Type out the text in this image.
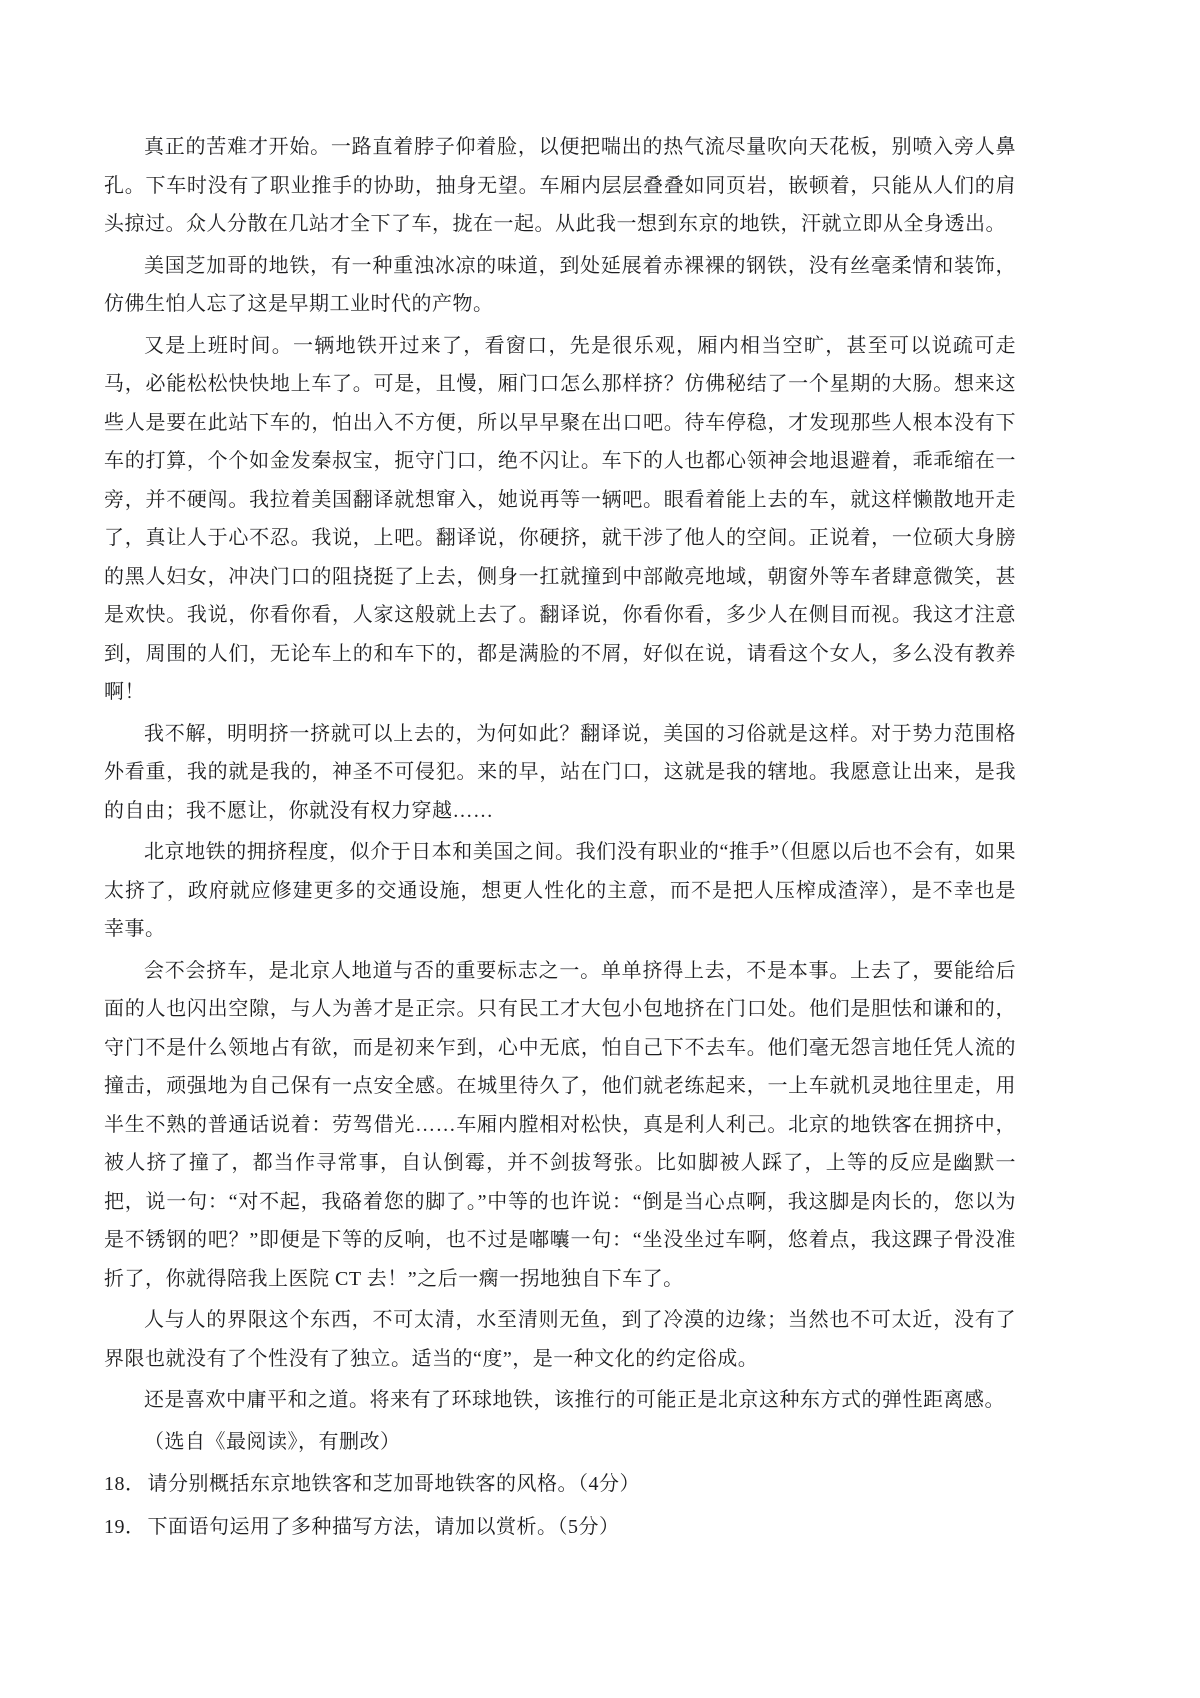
真正的苦难才开始。一路直着脖子仰着脸，以便把喘出的热气流尽量吹向天花板，别喷入旁人鼻孔。下车时没有了职业推手的协助，抽身无望。车厢内层层叠叠如同页岩，嵌顿着，只能从人们的肩头掠过。众人分散在几站才全下了车，拢在一起。从此我一想到东京的地铁，汗就立即从全身透出。

美国芝加哥的地铁，有一种重浊冰凉的味道，到处延展着赤裸裸的钢铁，没有丝毫柔情和装饰，仿佛生怕人忘了这是早期工业时代的产物。

又是上班时间。一辆地铁开过来了，看窗口，先是很乐观，厢内相当空旷，甚至可以说疏可走马，必能松松快快地上车了。可是，且慢，厢门口怎么那样挤？仿佛秘结了一个星期的大肠。想来这些人是要在此站下车的，怕出入不方便，所以早早聚在出口吧。待车停稳，才发现那些人根本没有下车的打算，个个如金发秦叔宝，扼守门口，绝不闪让。车下的人也都心领神会地退避着，乖乖缩在一旁，并不硬闯。我拉着美国翻译就想窜入，她说再等一辆吧。眼看着能上去的车，就这样懒散地开走了，真让人于心不忍。我说，上吧。翻译说，你硬挤，就干涉了他人的空间。正说着，一位硕大身膀的黑人妇女，冲决门口的阻挠挺了上去，侧身一扛就撞到中部敞亮地域，朝窗外等车者肆意微笑，甚是欢快。我说，你看你看，人家这般就上去了。翻译说，你看你看，多少人在侧目而视。我这才注意到，周围的人们，无论车上的和车下的，都是满脸的不屑，好似在说，请看这个女人，多么没有教养啊！

我不解，明明挤一挤就可以上去的，为何如此？翻译说，美国的习俗就是这样。对于势力范围格外看重，我的就是我的，神圣不可侵犯。来的早，站在门口，这就是我的辖地。我愿意让出来，是我的自由；我不愿让，你就没有权力穿越……

北京地铁的拥挤程度，似介于日本和美国之间。我们没有职业的“推手”（但愿以后也不会有，如果太挤了，政府就应修建更多的交通设施，想更人性化的主意，而不是把人压榨成渣滓），是不幸也是幸事。

会不会挤车，是北京人地道与否的重要标志之一。单单挤得上去，不是本事。上去了，要能给后面的人也闪出空隙，与人为善才是正宗。只有民工才大包小包地挤在门口处。他们是胆怯和谦和的，守门不是什么领地占有欲，而是初来乍到，心中无底，怕自己下不去车。他们毫无怨言地任凭人流的撞击，顽强地为自己保有一点安全感。在城里待久了，他们就老练起来，一上车就机灵地往里走，用半生不熟的普通话说着：劳驾借光……车厢内膛相对松快，真是利人利己。北京的地铁客在拥挤中，被人挤了撞了，都当作寻常事，自认倒霉，并不剑拔弩张。比如脚被人踩了，上等的反应是幽默一把，说一句：“对不起，我硌着您的脚了。”中等的也许说：“倒是当心点啊，我这脚是肉长的，您以为是不锈钢的吧？”即便是下等的反响，也不过是嘟囔一句：“坐没坐过车啊，悠着点，我这踝子骨没准折了，你就得陪我上医院 CT 去！”之后一瘸一拐地独自下车了。

人与人的界限这个东西，不可太清，水至清则无鱼，到了冷漠的边缘；当然也不可太近，没有了界限也就没有了个性没有了独立。适当的“度”，是一种文化的约定俗成。

还是喜欢中庸平和之道。将来有了环球地铁，该推行的可能正是北京这种东方式的弹性距离感。

（选自《最阅读》，有删改）

18． 请分别概括东京地铁客和芝加哥地铁客的风格。（4分）

19． 下面语句运用了多种描写方法，请加以赏析。（5分）
